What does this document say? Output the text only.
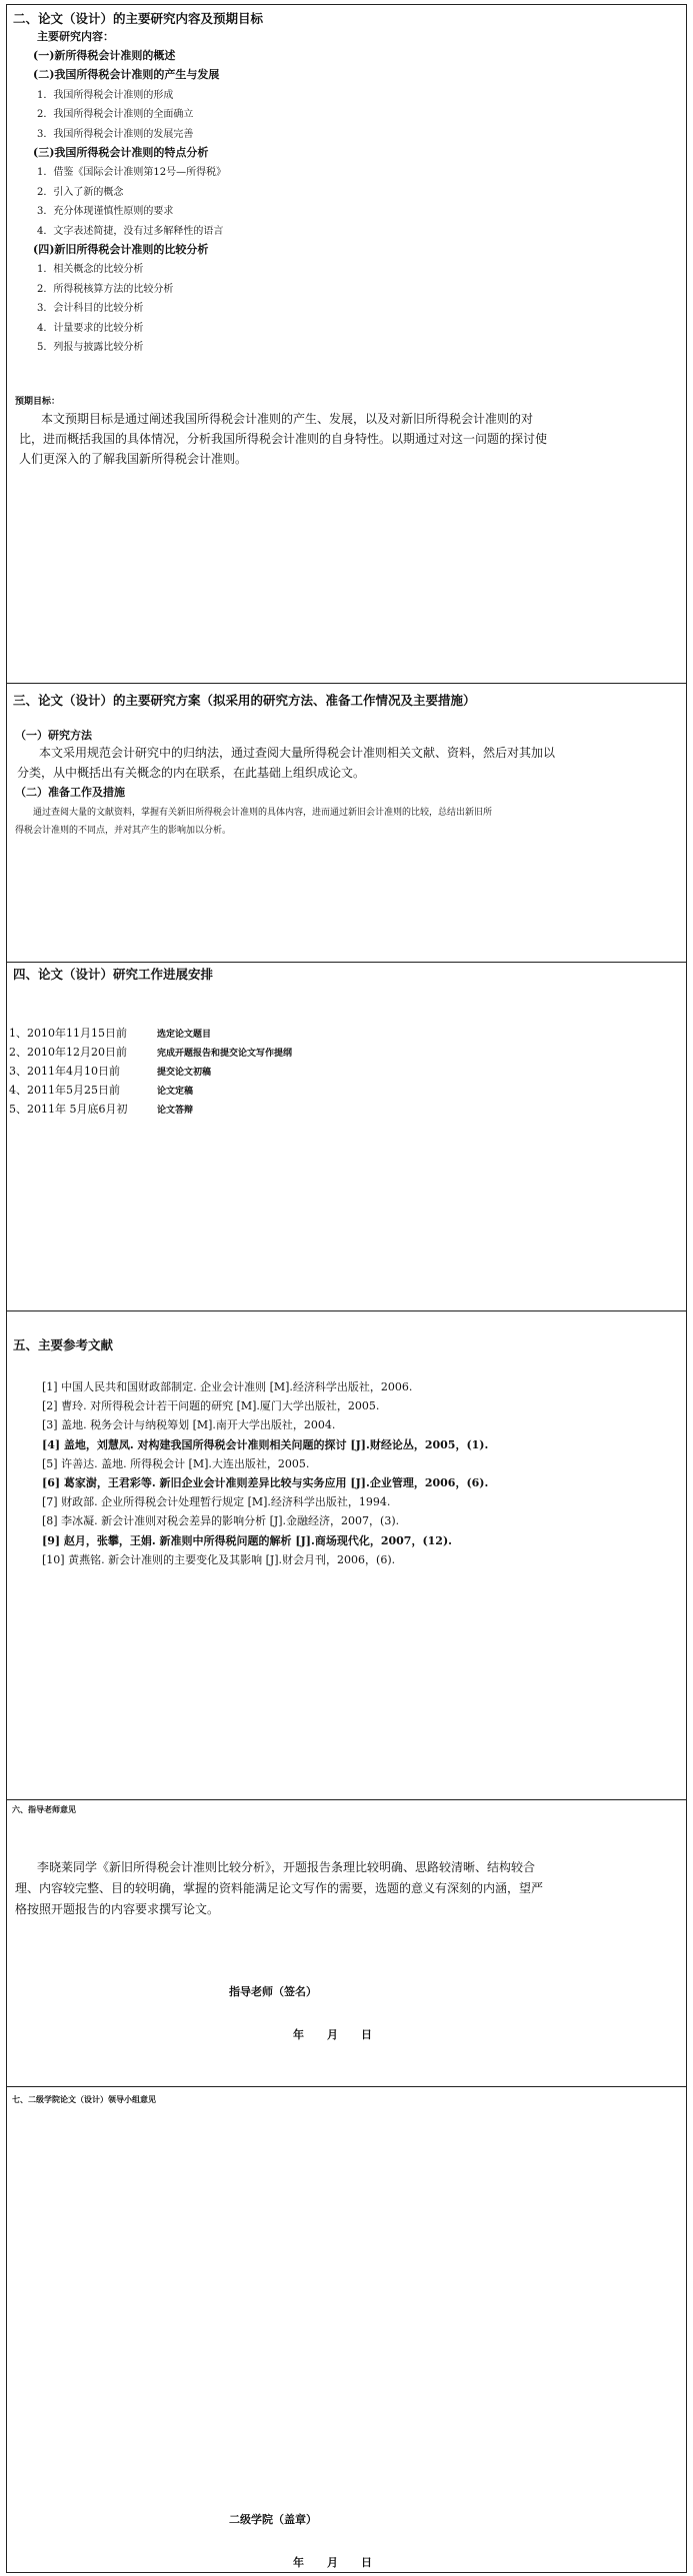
二、论文（设计）的主要研究内容及预期目标
主要研究内容：
(一)新所得税会计准则的概述
(二)我国所得税会计准则的产生与发展
1．我国所得税会计准则的形成
2．我国所得税会计准则的全面确立
3．我国所得税会计准则的发展完善
(三)我国所得税会计准则的特点分析
1．借鉴《国际会计准则第12号—所得税》
2．引入了新的概念
3．充分体现谨慎性原则的要求
4．文字表述简捷，没有过多解释性的语言
(四)新旧所得税会计准则的比较分析
1．相关概念的比较分析
2．所得税核算方法的比较分析
3．会计科目的比较分析
4．计量要求的比较分析
5．列报与披露比较分析
预期目标：
本文预期目标是通过阐述我国所得税会计准则的产生、发展，以及对新旧所得税会计准则的对
比，进而概括我国的具体情况，分析我国所得税会计准则的自身特性。以期通过对这一问题的探讨使
人们更深入的了解我国新所得税会计准则。
三、论文（设计）的主要研究方案（拟采用的研究方法、准备工作情况及主要措施）
（一）研究方法
本文采用规范会计研究中的归纳法，通过查阅大量所得税会计准则相关文献、资料，然后对其加以
分类，从中概括出有关概念的内在联系，在此基础上组织成论文。
（二）准备工作及措施
通过查阅大量的文献资料，掌握有关新旧所得税会计准则的具体内容，进而通过新旧会计准则的比较，总结出新旧所
得税会计准则的不同点，并对其产生的影响加以分析。
四、论文（设计）研究工作进展安排
1、2010年11月15日前	选定论文题目
2、2010年12月20日前	完成开题报告和提交论文写作提纲
3、2011年4月10日前	提交论文初稿
4、2011年5月25日前	论文定稿
5、2011年 5月底6月初	论文答辩
五、主要参考文献
[1] 中国人民共和国财政部制定. 企业会计准则 [M].经济科学出版社，2006.
[2] 曹玲. 对所得税会计若干问题的研究 [M].厦门大学出版社，2005.
[3] 盖地. 税务会计与纳税筹划 [M].南开大学出版社，2004.
[4] 盖地，刘慧凤. 对构建我国所得税会计准则相关问题的探讨 [J].财经论丛，2005，(1).
[5] 许善达. 盖地. 所得税会计 [M].大连出版社，2005.
[6] 葛家澍，王君彩等. 新旧企业会计准则差异比较与实务应用 [J].企业管理，2006，(6).
[7] 财政部. 企业所得税会计处理暂行规定 [M].经济科学出版社，1994.
[8] 李冰凝. 新会计准则对税会差异的影响分析 [J].金融经济，2007，(3).
[9] 赵月，张攀，王娟. 新准则中所得税问题的解析 [J].商场现代化，2007，(12).
[10] 黄燕铭. 新会计准则的主要变化及其影响 [J].财会月刊，2006，(6).
六、指导老师意见
李晓莱同学《新旧所得税会计准则比较分析》，开题报告条理比较明确、思路较清晰、结构较合
理、内容较完整、目的较明确，掌握的资料能满足论文写作的需要，选题的意义有深刻的内涵，望严
格按照开题报告的内容要求撰写论文。
指导老师（签名）
年　月　日
七、二级学院论文（设计）领导小组意见
二级学院（盖章）
年　月　日
